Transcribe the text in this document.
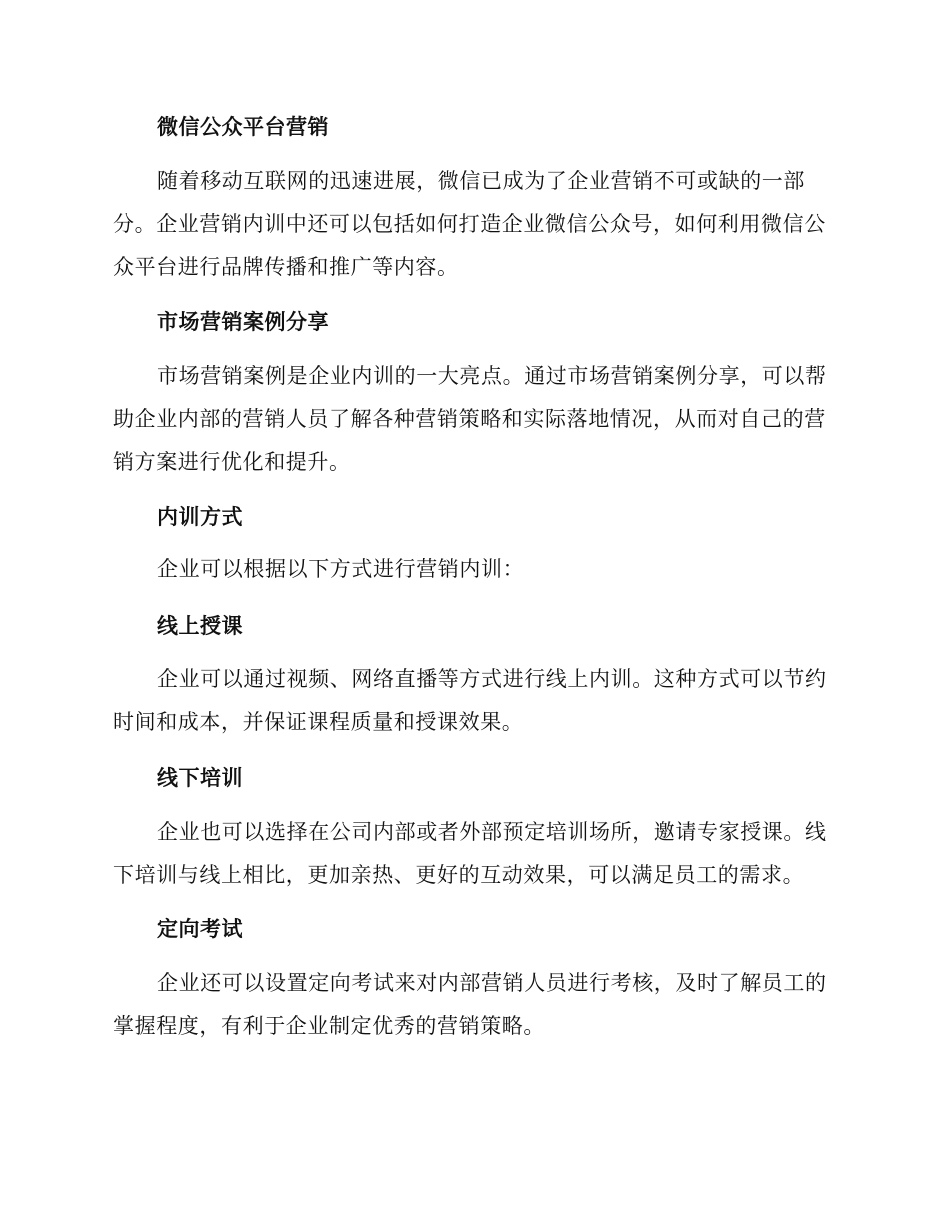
微信公众平台营销

随着移动互联网的迅速进展，微信已成为了企业营销不可或缺的一部分。企业营销内训中还可以包括如何打造企业微信公众号，如何利用微信公众平台进行品牌传播和推广等内容。

市场营销案例分享

市场营销案例是企业内训的一大亮点。通过市场营销案例分享，可以帮助企业内部的营销人员了解各种营销策略和实际落地情况，从而对自己的营销方案进行优化和提升。

内训方式

企业可以根据以下方式进行营销内训：

线上授课

企业可以通过视频、网络直播等方式进行线上内训。这种方式可以节约时间和成本，并保证课程质量和授课效果。

线下培训

企业也可以选择在公司内部或者外部预定培训场所，邀请专家授课。线下培训与线上相比，更加亲热、更好的互动效果，可以满足员工的需求。

定向考试

企业还可以设置定向考试来对内部营销人员进行考核，及时了解员工的掌握程度，有利于企业制定优秀的营销策略。
